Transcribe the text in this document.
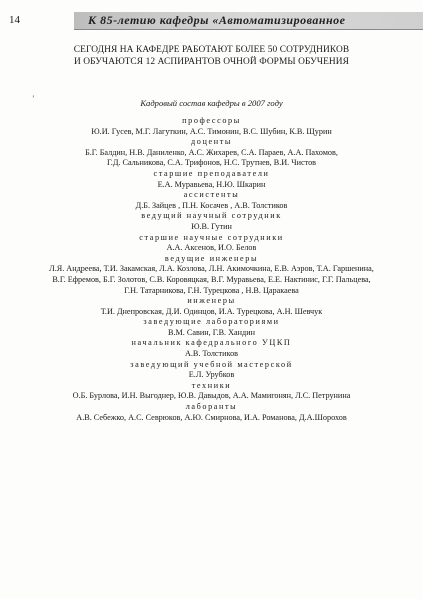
14	К 85-летию кафедры «Автоматизированное
СЕГОДНЯ НА КАФЕДРЕ РАБОТАЮТ БОЛЕЕ 50 СОТРУДНИКОВ
И ОБУЧАЮТСЯ 12 АСПИРАНТОВ ОЧНОЙ ФОРМЫ ОБУЧЕНИЯ
ʼ	Кадровый состав кафедры в 2007 году
профессоры
Ю.И. Гусев, М.Г. Лагуткин, А.С. Тимонин, В.С. Шубин, К.В. Щурин
доценты
Б.Г. Балдин, Н.В. Даниленко, А.С. Жихарев, С.А. Параев, А.А. Пахомов,
Г.Д. Сальникова, С.А. Трифонов, Н.С. Трутнев, В.И. Чистов
старшие преподаватели
Е.А. Муравьева, Н.Ю. Шкарин
ассистенты
Д.Б. Зайцев , П.Н. Косачев , А.В. Толстиков
ведущий научный сотрудник
Ю.В. Гутин
старшие научные сотрудники
А.А. Аксенов, И.О. Белов
ведущие инженеры
Л.Я. Андреева, Т.И. Закамская, Л.А. Козлова, Л.Н. Акимочкина, Е.В. Аэров, Т.А. Гаршенина,
В.Г. Ефремов, Б.Г. Золотов, С.В. Коровяцкая, В.Г. Муравьева, Е.Е. Нактинис, Г.Г. Пальцева,
Г.Н. Татарникова, Г.Н. Турецкова , Н.В. Царакаева
инженеры
Т.И. Днепровская, Д.И. Одинцов, И.А. Турецкова, А.Н. Шевчук
заведующие лабораториями
В.М. Савин, Г.В. Хандин
начальник кафедрального УЦКП
А.В. Толстиков
заведующий учебной мастерской
Е.Л. Урубков
техники
О.Б. Бурлова, И.Н. Выгоднер, Ю.В. Давыдов, А.А. Мамигонян, Л.С. Петрунина
лаборанты
А.В. Себежко, А.С. Севрюков, А.Ю. Смирнова, И.А. Романова, Д.А.Шорохов
